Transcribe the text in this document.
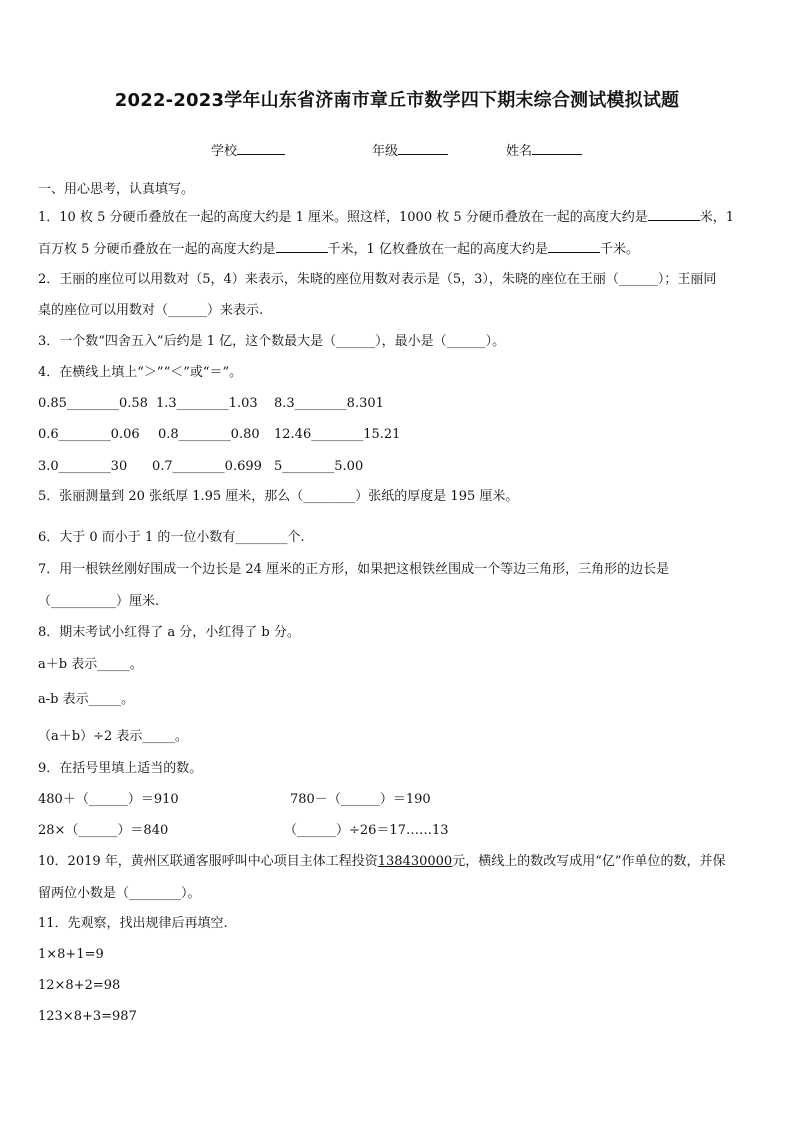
2022-2023学年山东省济南市章丘市数学四下期末综合测试模拟试题
学校	年级	姓名
一、用心思考，认真填写。
1．10 枚 5 分硬币叠放在一起的高度大约是 1 厘米。照这样，1000 枚 5 分硬币叠放在一起的高度大约是	米，1
百万枚 5 分硬币叠放在一起的高度大约是	千米，1 亿枚叠放在一起的高度大约是	千米。
2．王丽的座位可以用数对（5，4）来表示，朱晓的座位用数对表示是（5，3），朱晓的座位在王丽（______）；王丽同
桌的座位可以用数对（______）来表示.
3．一个数“四舍五入”后约是 1 亿，这个数最大是（______），最小是（______）。
4．在横线上填上“＞”“＜”或“＝”。
0.85________0.58 1.3________1.03 8.3________8.301
0.6________0.06 0.8________0.80 12.46________15.21
3.0________30 0.7________0.699 5________5.00
5．张丽测量到 20 张纸厚 1.95 厘米，那么（________）张纸的厚度是 195 厘米。
6．大于 0 而小于 1 的一位小数有________个.
7．用一根铁丝刚好围成一个边长是 24 厘米的正方形，如果把这根铁丝围成一个等边三角形，三角形的边长是
（__________）厘米.
8．期末考试小红得了 a 分，小红得了 b 分。
a＋b 表示_____。
a-b 表示_____。
（a＋b）÷2 表示_____。
9．在括号里填上适当的数。
480＋（______）＝910	780－（______）＝190
28×（______）＝840	（______）÷26＝17……13
10．2019 年，黄州区联通客服呼叫中心项目主体工程投资138430000元，横线上的数改写成用“亿”作单位的数，并保
留两位小数是（________）。
11．先观察，找出规律后再填空.
1×8+1=9
12×8+2=98
123×8+3=987
